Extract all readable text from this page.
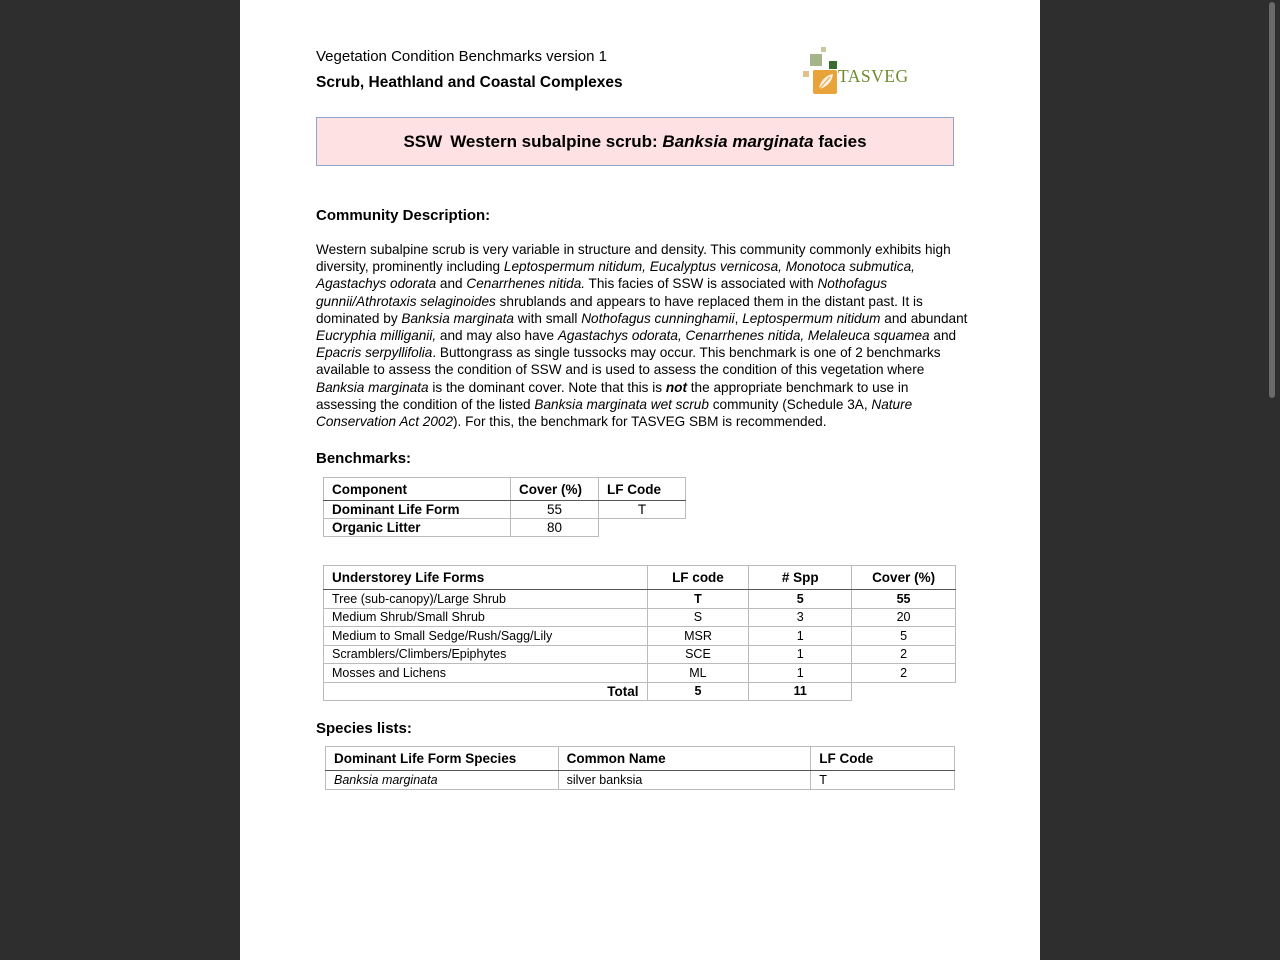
Vegetation Condition Benchmarks version 1
Scrub, Heathland and Coastal Complexes	TASVEG
SSW Western subalpine scrub: Banksia marginata facies
Community Description:
Western subalpine scrub is very variable in structure and density. This community commonly exhibits high diversity, prominently including Leptospermum nitidum, Eucalyptus vernicosa, Monotoca submutica, Agastachys odorata and Cenarrhenes nitida. This facies of SSW is associated with Nothofagus gunnii/Athrotaxis selaginoides shrublands and appears to have replaced them in the distant past. It is dominated by Banksia marginata with small Nothofagus cunninghamii, Leptospermum nitidum and abundant Eucryphia milliganii, and may also have Agastachys odorata, Cenarrhenes nitida, Melaleuca squamea and Epacris serpyllifolia. Buttongrass as single tussocks may occur. This benchmark is one of 2 benchmarks available to assess the condition of SSW and is used to assess the condition of this vegetation where Banksia marginata is the dominant cover. Note that this is not the appropriate benchmark to use in assessing the condition of the listed Banksia marginata wet scrub community (Schedule 3A, Nature Conservation Act 2002). For this, the benchmark for TASVEG SBM is recommended.
Benchmarks:
Component	Cover (%)	LF Code
Dominant Life Form	55	T
Organic Litter	80	
Understorey Life Forms	LF code	# Spp	Cover (%)
Tree (sub-canopy)/Large Shrub	T	5	55
Medium Shrub/Small Shrub	S	3	20
Medium to Small Sedge/Rush/Sagg/Lily	MSR	1	5
Scramblers/Climbers/Epiphytes	SCE	1	2
Mosses and Lichens	ML	1	2
Total	5	11	
Species lists:
Dominant Life Form Species	Common Name	LF Code
Banksia marginata	silver banksia	T
